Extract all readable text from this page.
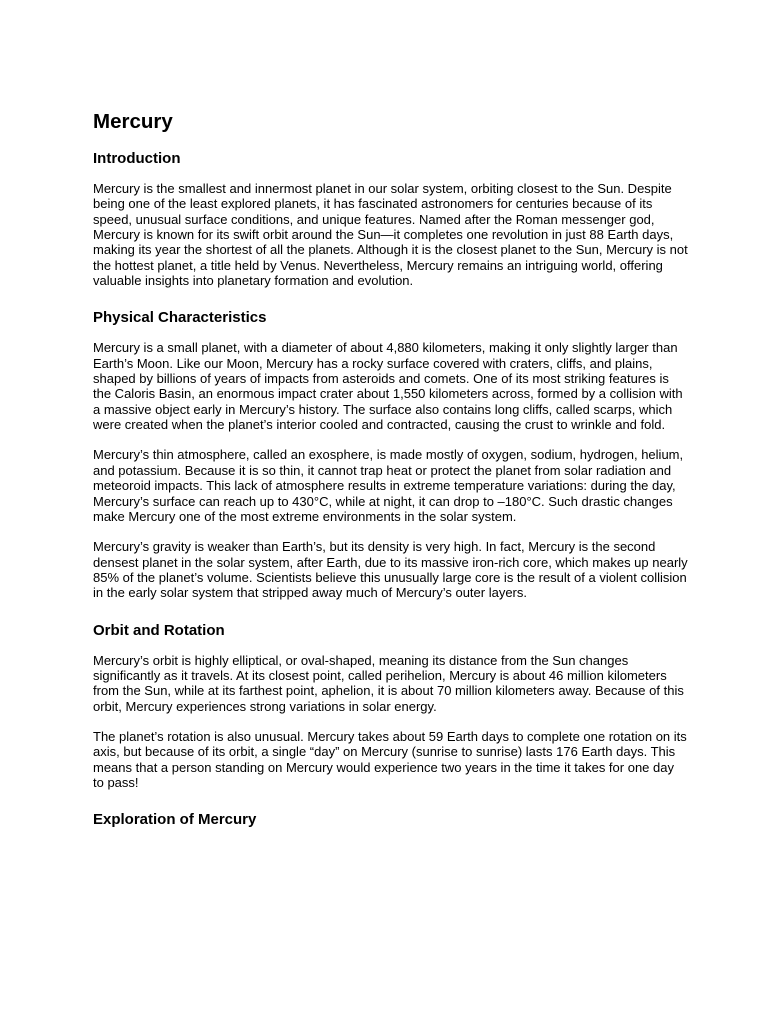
Mercury
Introduction

Mercury is the smallest and innermost planet in our solar system, orbiting closest to the Sun. Despite being one of the least explored planets, it has fascinated astronomers for centuries because of its speed, unusual surface conditions, and unique features. Named after the Roman messenger god, Mercury is known for its swift orbit around the Sun—it completes one revolution in just 88 Earth days, making its year the shortest of all the planets. Although it is the closest planet to the Sun, Mercury is not the hottest planet, a title held by Venus. Nevertheless, Mercury remains an intriguing world, offering valuable insights into planetary formation and evolution.

Physical Characteristics

Mercury is a small planet, with a diameter of about 4,880 kilometers, making it only slightly larger than Earth’s Moon. Like our Moon, Mercury has a rocky surface covered with craters, cliffs, and plains, shaped by billions of years of impacts from asteroids and comets. One of its most striking features is the Caloris Basin, an enormous impact crater about 1,550 kilometers across, formed by a collision with a massive object early in Mercury’s history. The surface also contains long cliffs, called scarps, which were created when the planet’s interior cooled and contracted, causing the crust to wrinkle and fold.

Mercury’s thin atmosphere, called an exosphere, is made mostly of oxygen, sodium, hydrogen, helium, and potassium. Because it is so thin, it cannot trap heat or protect the planet from solar radiation and meteoroid impacts. This lack of atmosphere results in extreme temperature variations: during the day, Mercury’s surface can reach up to 430°C, while at night, it can drop to –180°C. Such drastic changes make Mercury one of the most extreme environments in the solar system.

Mercury’s gravity is weaker than Earth’s, but its density is very high. In fact, Mercury is the second densest planet in the solar system, after Earth, due to its massive iron-rich core, which makes up nearly 85% of the planet’s volume. Scientists believe this unusually large core is the result of a violent collision in the early solar system that stripped away much of Mercury’s outer layers.

Orbit and Rotation

Mercury’s orbit is highly elliptical, or oval-shaped, meaning its distance from the Sun changes significantly as it travels. At its closest point, called perihelion, Mercury is about 46 million kilometers from the Sun, while at its farthest point, aphelion, it is about 70 million kilometers away. Because of this orbit, Mercury experiences strong variations in solar energy.

The planet’s rotation is also unusual. Mercury takes about 59 Earth days to complete one rotation on its axis, but because of its orbit, a single “day” on Mercury (sunrise to sunrise) lasts 176 Earth days. This means that a person standing on Mercury would experience two years in the time it takes for one day to pass!

Exploration of Mercury
